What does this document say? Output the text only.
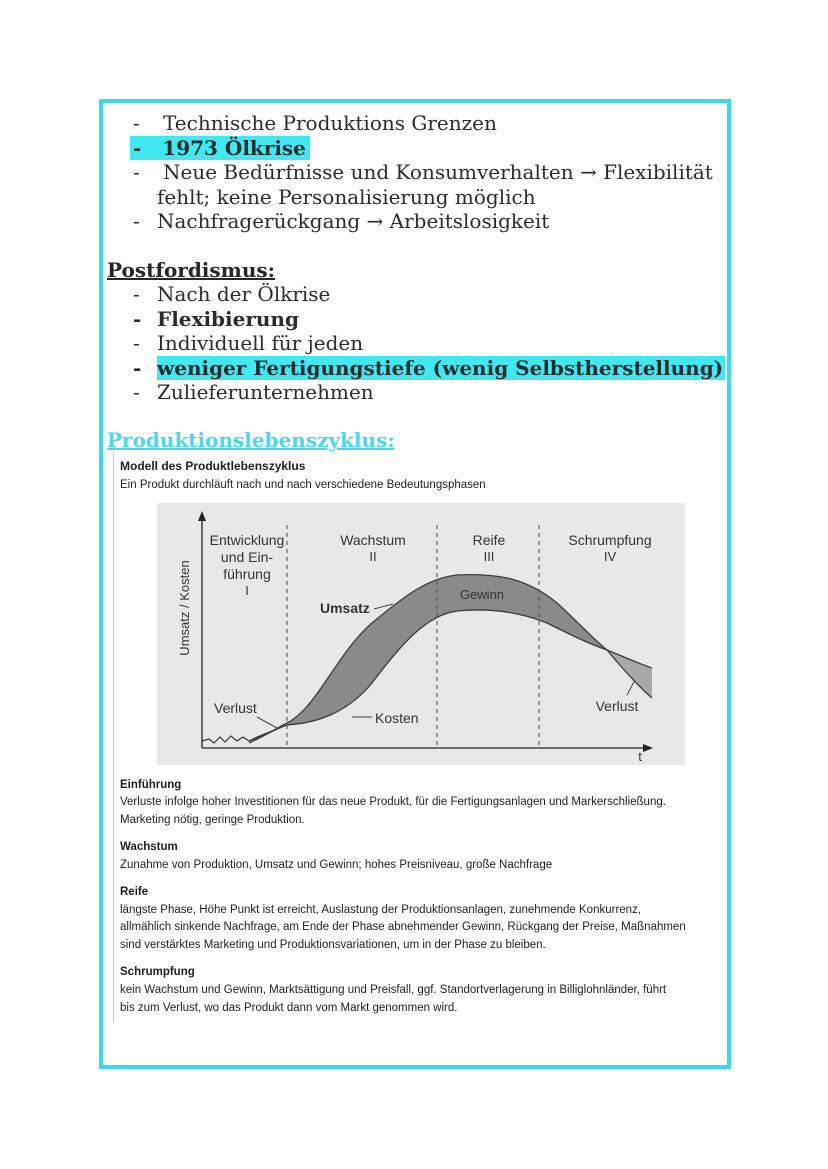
- Technische Produktions Grenzen
- 1973 Ölkrise
- Neue Bedürfnisse und Konsumverhalten → Flexibilität
fehlt; keine Personalisierung möglich
- Nachfragerückgang → Arbeitslosigkeit
Postfordismus:
- Nach der Ölkrise
- Flexibierung
- Individuell für jeden
- weniger Fertigungstiefe (wenig Selbstherstellung)
- Zulieferunternehmen
Produktionslebenszyklus:
Modell des Produktlebenszyklus
Ein Produkt durchläuft nach und nach verschiedene Bedeutungsphasen
Einführung
Verluste infolge hoher Investitionen für das neue Produkt, für die Fertigungsanlagen und Markerschließung.
Marketing nötig, geringe Produktion.
Wachstum
Zunahme von Produktion, Umsatz und Gewinn; hohes Preisniveau, große Nachfrage
Reife
längste Phase, Höhe Punkt ist erreicht, Auslastung der Produktionsanlagen, zunehmende Konkurrenz,
allmählich sinkende Nachfrage, am Ende der Phase abnehmender Gewinn, Rückgang der Preise, Maßnahmen
sind verstärktes Marketing und Produktionsvariationen, um in der Phase zu bleiben.
Schrumpfung
kein Wachstum und Gewinn, Marktsättigung und Preisfall, ggf. Standortverlagerung in Billiglohnländer, führt
bis zum Verlust, wo das Produkt dann vom Markt genommen wird.
Entwicklung
und Ein-
führung
I
Wachstum
II
Reife
III
Schrumpfung
IV
Umsatz / Kosten
t
Umsatz
Gewinn
Kosten
Verlust	Verlust
